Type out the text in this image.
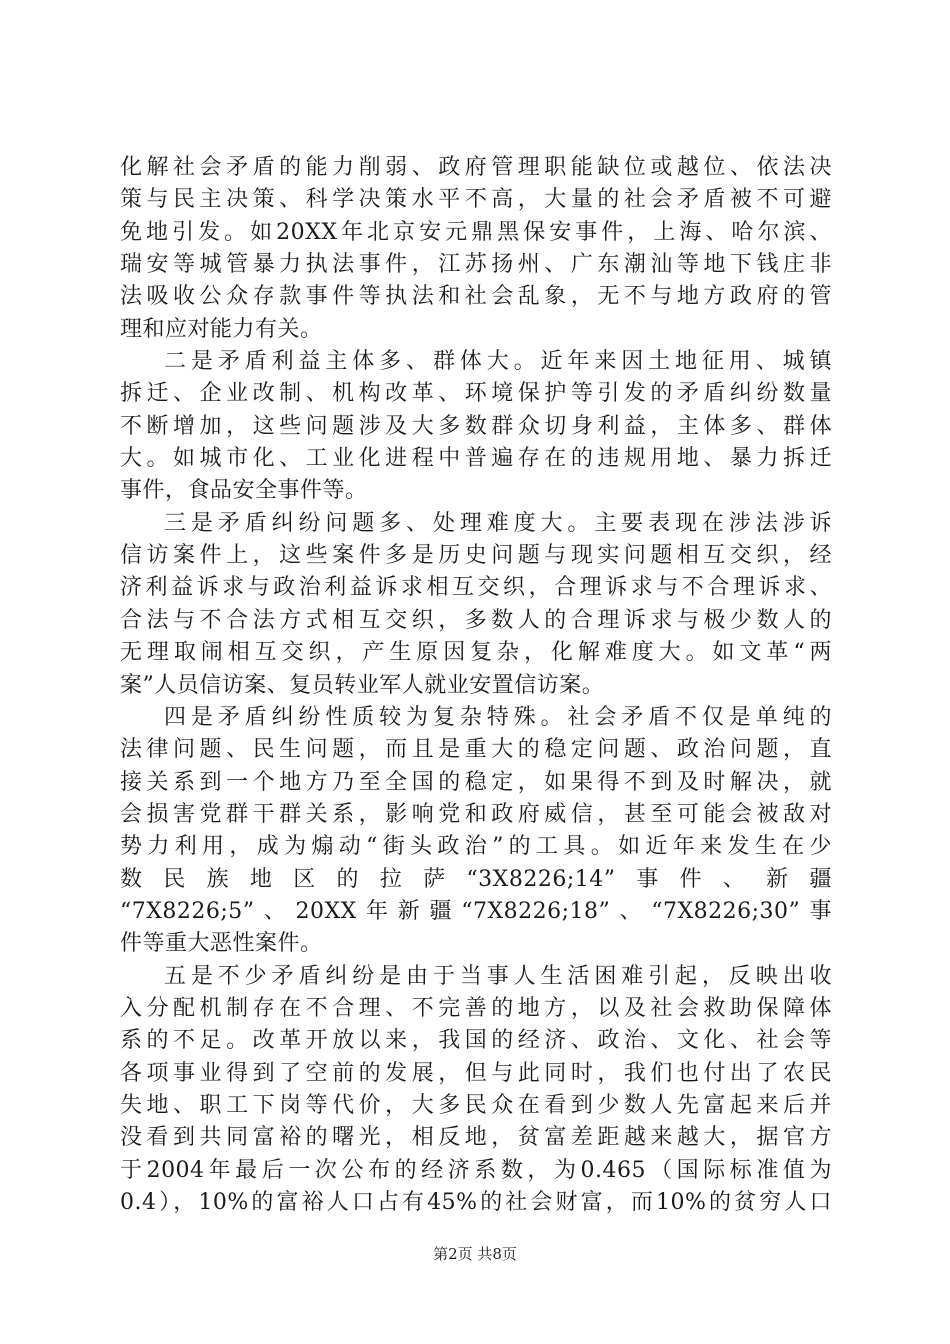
化解社会矛盾的能力削弱、政府管理职能缺位或越位、依法决
策与民主决策、科学决策水平不高，大量的社会矛盾被不可避
免地引发。如20XX年北京安元鼎黑保安事件，上海、哈尔滨、
瑞安等城管暴力执法事件，江苏扬州、广东潮汕等地下钱庄非
法吸收公众存款事件等执法和社会乱象，无不与地方政府的管
理和应对能力有关。
二是矛盾利益主体多、群体大。近年来因土地征用、城镇
拆迁、企业改制、机构改革、环境保护等引发的矛盾纠纷数量
不断增加，这些问题涉及大多数群众切身利益，主体多、群体
大。如城市化、工业化进程中普遍存在的违规用地、暴力拆迁
事件，食品安全事件等。
三是矛盾纠纷问题多、处理难度大。主要表现在涉法涉诉
信访案件上，这些案件多是历史问题与现实问题相互交织，经
济利益诉求与政治利益诉求相互交织，合理诉求与不合理诉求、
合法与不合法方式相互交织，多数人的合理诉求与极少数人的
无理取闹相互交织，产生原因复杂，化解难度大。如文革“两
案”人员信访案、复员转业军人就业安置信访案。
四是矛盾纠纷性质较为复杂特殊。社会矛盾不仅是单纯的
法律问题、民生问题，而且是重大的稳定问题、政治问题，直
接关系到一个地方乃至全国的稳定，如果得不到及时解决，就
会损害党群干群关系，影响党和政府威信，甚至可能会被敌对
势力利用，成为煽动“街头政治”的工具。如近年来发生在少
数民族地区的拉萨“3X8226;14”事件、新疆
“7X8226;5”、20XX年新疆“7X8226;18”、“7X8226;30”事
件等重大恶性案件。
五是不少矛盾纠纷是由于当事人生活困难引起，反映出收
入分配机制存在不合理、不完善的地方，以及社会救助保障体
系的不足。改革开放以来，我国的经济、政治、文化、社会等
各项事业得到了空前的发展，但与此同时，我们也付出了农民
失地、职工下岗等代价，大多民众在看到少数人先富起来后并
没看到共同富裕的曙光，相反地，贫富差距越来越大，据官方
于2004年最后一次公布的经济系数，为0.465（国际标准值为
0.4），10%的富裕人口占有45%的社会财富，而10%的贫穷人口
第2页 共8页
